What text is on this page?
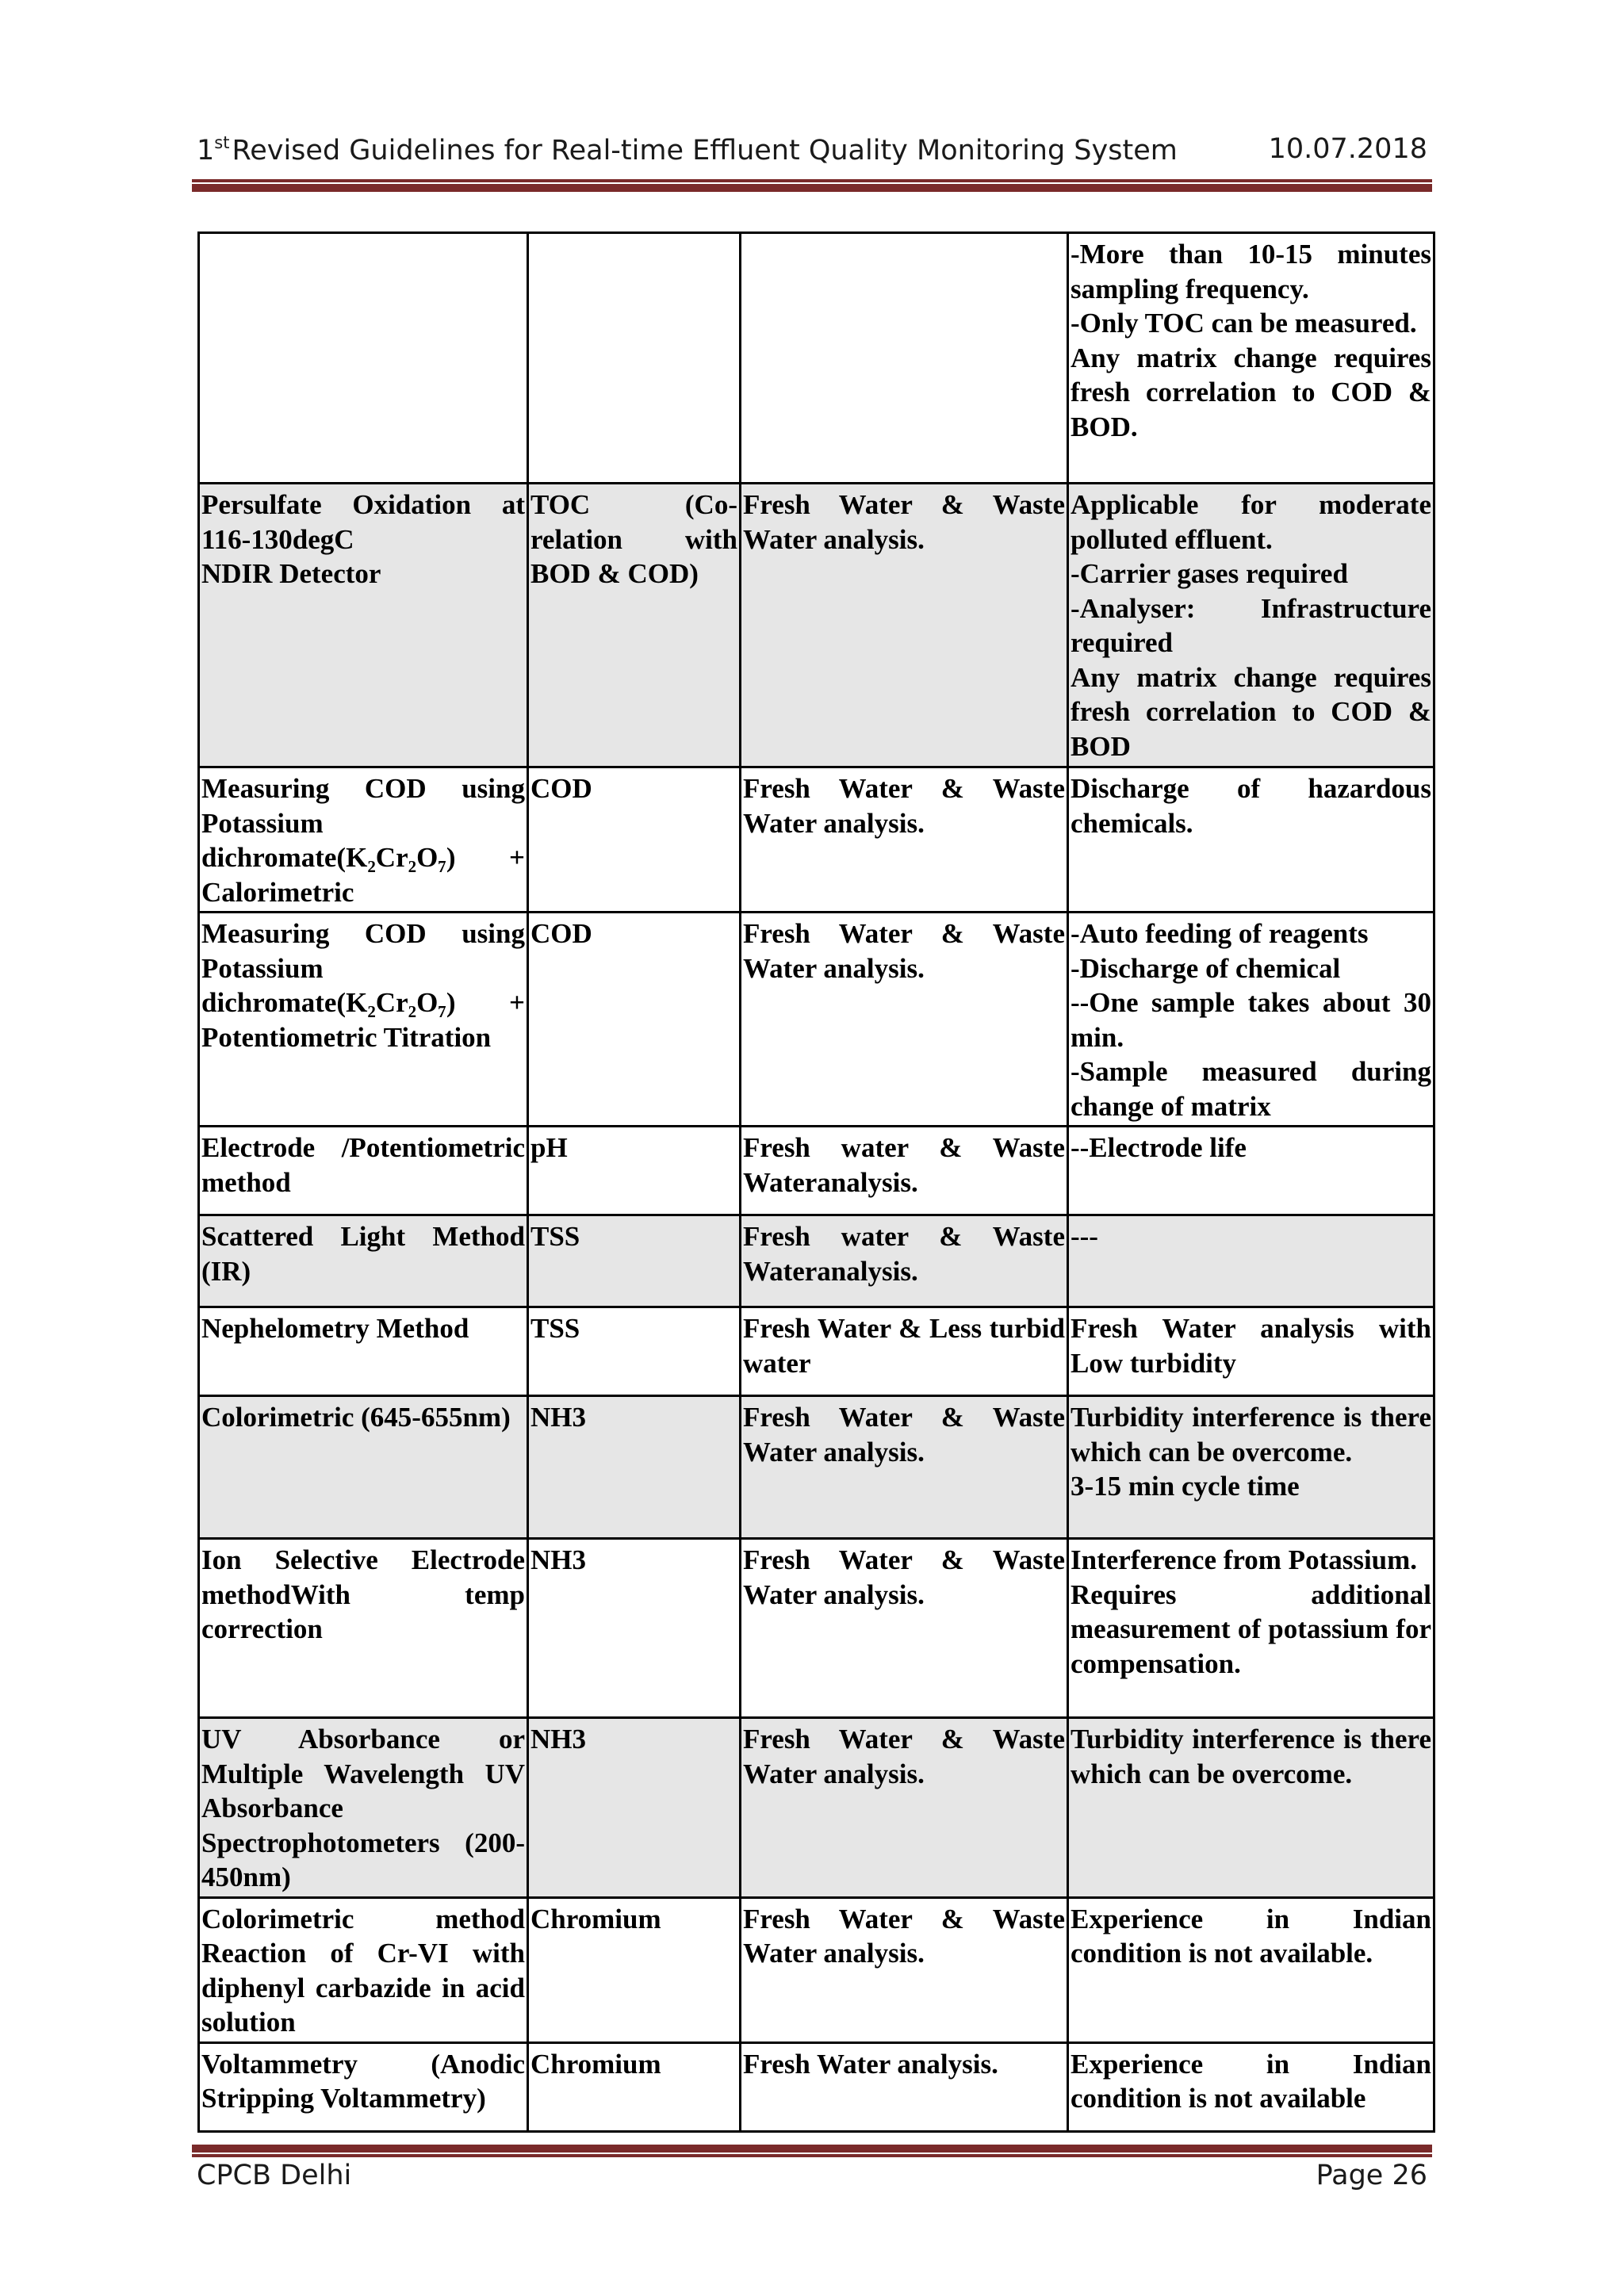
1stRevised Guidelines for Real-time Effluent Quality Monitoring System	10.07.2018

			-More than 10-15 minutes sampling frequency.
-Only TOC can be measured.
Any matrix change requires fresh correlation to COD & BOD.

Persulfate Oxidation at 116-130degC
NDIR Detector	TOC (Co-relation with BOD & COD)	Fresh Water & Waste Water analysis.	Applicable for moderate polluted effluent.
-Carrier gases required
-Analyser: Infrastructure required
Any matrix change requires fresh correlation to COD & BOD

Measuring COD using Potassium dichromate(K₂Cr₂O₇) + Calorimetric	COD	Fresh Water & Waste Water analysis.	Discharge of hazardous chemicals.

Measuring COD using Potassium dichromate(K₂Cr₂O₇) + Potentiometric Titration	COD	Fresh Water & Waste Water analysis.	-Auto feeding of reagents
-Discharge of chemical
--One sample takes about 30 min.
-Sample measured during change of matrix

Electrode /Potentiometric method	pH	Fresh water & Waste Wateranalysis.	--Electrode life

Scattered Light Method (IR)	TSS	Fresh water & Waste Wateranalysis.	---

Nephelometry Method	TSS	Fresh Water & Less turbid water	Fresh Water analysis with Low turbidity

Colorimetric (645-655nm)	NH3	Fresh Water & Waste Water analysis.	Turbidity interference is there which can be overcome.
3-15 min cycle time

Ion Selective Electrode methodWith temp correction	NH3	Fresh Water & Waste Water analysis.	Interference from Potassium.
Requires additional measurement of potassium for compensation.

UV Absorbance or Multiple Wavelength UV Absorbance Spectrophotometers (200-450nm)	NH3	Fresh Water & Waste Water analysis.	Turbidity interference is there which can be overcome.

Colorimetric method Reaction of Cr-VI with diphenyl carbazide in acid solution	Chromium	Fresh Water & Waste Water analysis.	Experience in Indian condition is not available.

Voltammetry (Anodic Stripping Voltammetry)	Chromium	Fresh Water analysis.	Experience in Indian condition is not available
CPCB Delhi	Page 26
